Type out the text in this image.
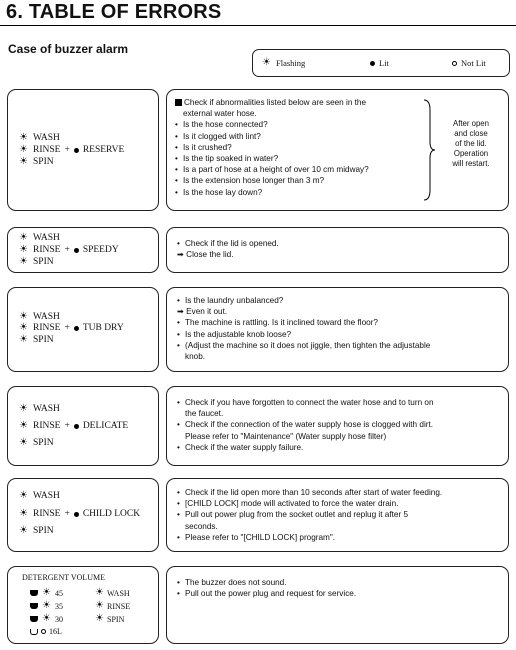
6. TABLE OF ERRORS
Case of buzzer alarm
☀ Flashing	Lit	Not Lit
☀ WASH
☀ RINSE + RESERVE
☀ SPIN
Check if abnormalities listed below are seen in the
external water hose.
• Is the hose connected?
• Is it clogged with lint?
• Is it crushed?
• Is the tip soaked in water?
• Is a part of hose at a height of over 10 cm midway?
• Is the extension hose longer than 3 m?
• Is the hose lay down?
After open
and close
of the lid.
Operation
will restart.
☀ WASH
☀ RINSE + SPEEDY
☀ SPIN
• Check if the lid is opened.
➡ Close the lid.
☀ WASH
☀ RINSE + TUB DRY
☀ SPIN
• Is the laundry unbalanced?
➡ Even it out.
• The machine is rattling. Is it inclined toward the floor?
• Is the adjustable knob loose?
• (Adjust the machine so it does not jiggle, then tighten the adjustable
knob.
☀ WASH
☀ RINSE + DELICATE
☀ SPIN
• Check if you have forgotten to connect the water hose and to turn on
the faucet.
• Check if the connection of the water supply hose is clogged with dirt.
Please refer to "Maintenance" (Water supply hose filter)
• Check if the water supply failure.
☀ WASH
☀ RINSE + CHILD LOCK
☀ SPIN
• Check if the lid open more than 10 seconds after start of water feeding.
• [CHILD LOCK] mode will activated to force the water drain.
• Pull out power plug from the socket outlet and replug it after 5
seconds.
• Please refer to "[CHILD LOCK] program".
DETERGENT VOLUME
☀ 45
☀ 35
☀ 30
16L
☀ WASH
☀ RINSE
☀ SPIN
• The buzzer does not sound.
• Pull out the power plug and request for service.
